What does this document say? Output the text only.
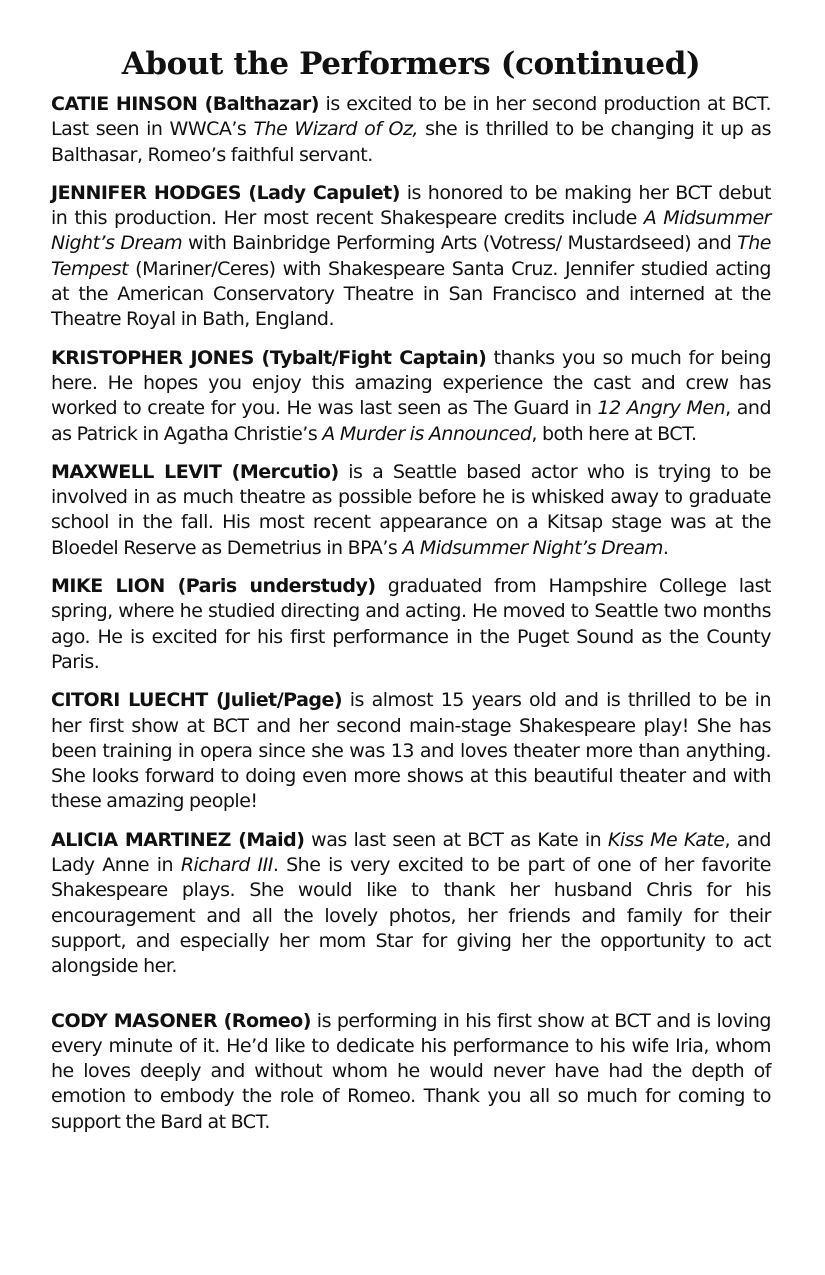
About the Performers (continued)

CATIE HINSON (Balthazar) is excited to be in her second production at BCT. Last seen in WWCA’s The Wizard of Oz, she is thrilled to be changing it up as Balthasar, Romeo’s faithful servant.

JENNIFER HODGES (Lady Capulet) is honored to be making her BCT debut in this production. Her most recent Shakespeare credits include A Midsummer Night’s Dream with Bainbridge Performing Arts (Votress/ Mustardseed) and The Tempest (Mariner/Ceres) with Shakespeare Santa Cruz. Jennifer studied acting at the American Conservatory Theatre in San Francisco and interned at the Theatre Royal in Bath, England.

KRISTOPHER JONES (Tybalt/Fight Captain) thanks you so much for being here. He hopes you enjoy this amazing experience the cast and crew has worked to create for you. He was last seen as The Guard in 12 Angry Men, and as Patrick in Agatha Christie’s A Murder is Announced, both here at BCT.

MAXWELL LEVIT (Mercutio) is a Seattle based actor who is trying to be involved in as much theatre as possible before he is whisked away to graduate school in the fall. His most recent appearance on a Kitsap stage was at the Bloedel Reserve as Demetrius in BPA’s A Midsummer Night’s Dream.

MIKE LION (Paris understudy) graduated from Hampshire College last spring, where he studied directing and acting. He moved to Seattle two months ago. He is excited for his first performance in the Puget Sound as the County Paris.

CITORI LUECHT (Juliet/Page) is almost 15 years old and is thrilled to be in her first show at BCT and her second main-stage Shakespeare play! She has been training in opera since she was 13 and loves theater more than anything. She looks forward to doing even more shows at this beautiful theater and with these amazing people!

ALICIA MARTINEZ (Maid) was last seen at BCT as Kate in Kiss Me Kate, and Lady Anne in Richard III. She is very excited to be part of one of her favorite Shakespeare plays. She would like to thank her husband Chris for his encouragement and all the lovely photos, her friends and family for their support, and especially her mom Star for giving her the opportunity to act alongside her.

CODY MASONER (Romeo) is performing in his first show at BCT and is loving every minute of it. He’d like to dedicate his performance to his wife Iria, whom he loves deeply and without whom he would never have had the depth of emotion to embody the role of Romeo. Thank you all so much for coming to support the Bard at BCT.
